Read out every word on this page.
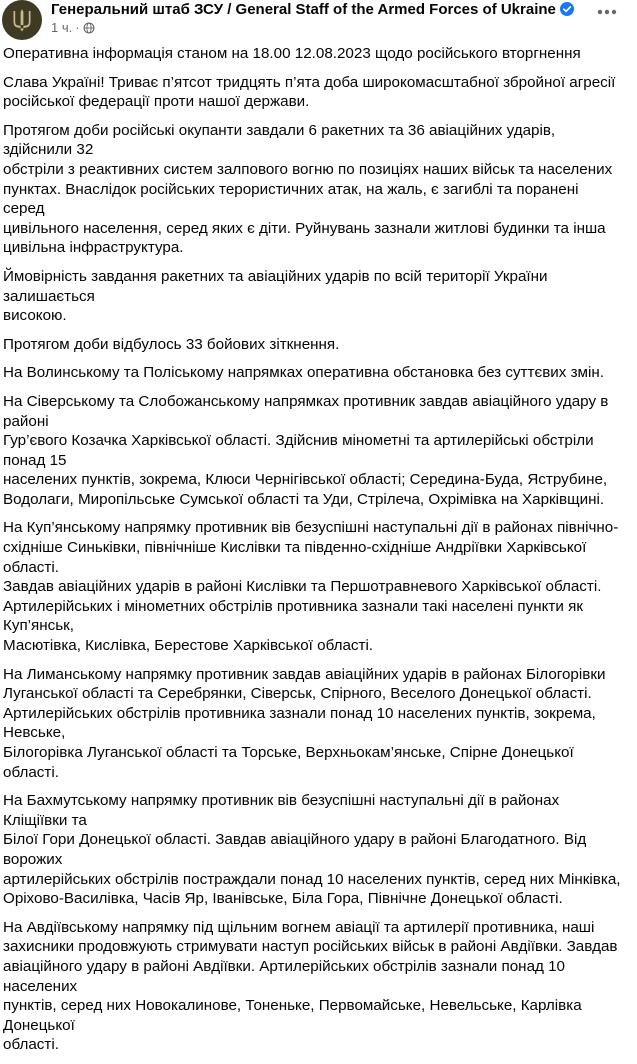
Генеральний штаб ЗСУ / General Staff of the Armed Forces of Ukraine
1 ч. ·

Оперативна інформація станом на 18.00 12.08.2023 щодо російського вторгнення

Слава Україні! Триває п’ятсот тридцять п’ята доба широкомасштабної збройної агресії
російської федерації проти нашої держави.

Протягом доби російські окупанти завдали 6 ракетних та 36 авіаційних ударів, здійснили 32
обстріли з реактивних систем залпового вогню по позиціях наших військ та населених
пунктах. Внаслідок російських терористичних атак, на жаль, є загиблі та поранені серед
цивільного населення, серед яких є діти. Руйнувань зазнали житлові будинки та інша
цивільна інфраструктура.

Ймовірність завдання ракетних та авіаційних ударів по всій території України залишається
високою.

Протягом доби відбулось 33 бойових зіткнення.

На Волинському та Поліському напрямках оперативна обстановка без суттєвих змін.

На Сіверському та Слобожанському напрямках противник завдав авіаційного удару в районі
Гур’євого Козачка Харківської області. Здійснив мінометні та артилерійські обстріли понад 15
населених пунктів, зокрема, Клюси Чернігівської області; Середина-Буда, Яструбине,
Водолаги, Миропільське Сумської області та Уди, Стрілеча, Охрімівка на Харківщині.

На Куп’янському напрямку противник вів безуспішні наступальні дії в районах північно-
східніше Синьківки, північніше Кислівки та південно-східніше Андріївки Харківської області.
Завдав авіаційних ударів в районі Кислівки та Першотравневого Харківської області.
Артилерійських і мінометних обстрілів противника зазнали такі населені пункти як Куп’янськ,
Масютівка, Кислівка, Берестове Харківської області.

На Лиманському напрямку противник завдав авіаційних ударів в районах Білогорівки
Луганської області та Серебрянки, Сіверськ, Спірного, Веселого Донецької області.
Артилерійських обстрілів противника зазнали понад 10 населених пунктів, зокрема, Невське,
Білогорівка Луганської області та Торське, Верхньокам’янське, Спірне Донецької області.

На Бахмутському напрямку противник вів безуспішні наступальні дії в районах Кліщіївки та
Білої Гори Донецької області. Завдав авіаційного удару в районі Благодатного. Від ворожих
артилерійських обстрілів постраждали понад 10 населених пунктів, серед них Мінківка,
Оріхово-Василівка, Часів Яр, Іванівське, Біла Гора, Північне Донецької області.

На Авдіївському напрямку під щільним вогнем авіації та артилерії противника, наші
захисники продовжують стримувати наступ російських військ в районі Авдіївки. Завдав
авіаційного удару в районі Авдіївки. Артилерійських обстрілів зазнали понад 10 населених
пунктів, серед них Новокалинове, Тоненьке, Первомайське, Невельське, Карлівка Донецької
області.
